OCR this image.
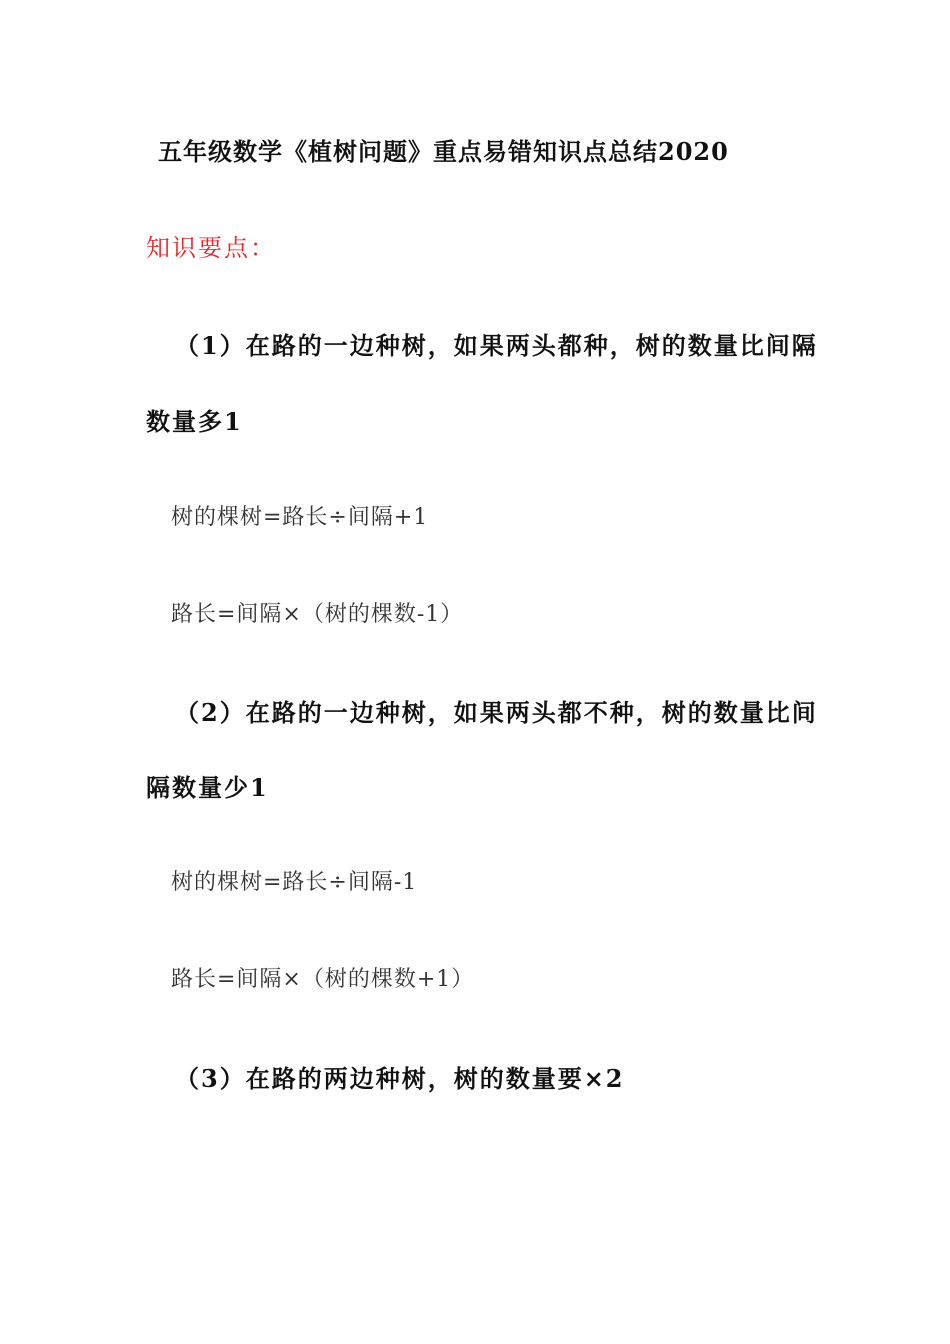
五年级数学《植树问题》重点易错知识点总结2020

知识要点：

（1）在路的一边种树，如果两头都种，树的数量比间隔

数量多1

树的棵树=路长÷间隔+1

路长=间隔×（树的棵数-1）

（2）在路的一边种树，如果两头都不种，树的数量比间

隔数量少1

树的棵树=路长÷间隔-1

路长=间隔×（树的棵数+1）

（3）在路的两边种树，树的数量要×2
